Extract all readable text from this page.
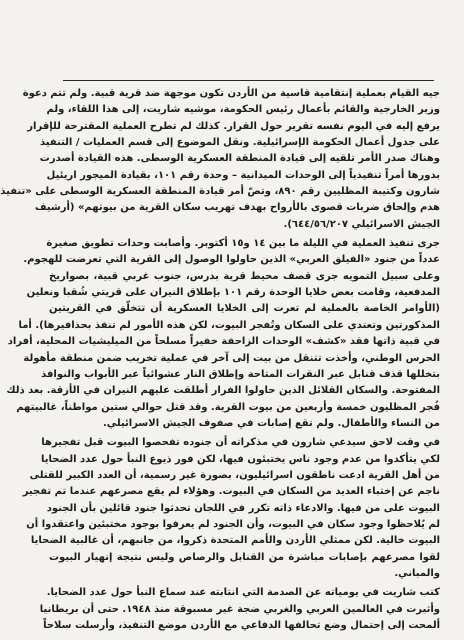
جيه القيام بعملية إنتقامية قاسية من الأردن تكون موجهة ضد قرية قبية. ولم تتم دعوة
وزير الخارجية والقائم بأعمال رئيس الحكومة، موشيه شاريت، إلى هذا اللقاء، ولم
يرفع إليه في اليوم نفسه تقرير حول القرار. كذلك لم تطرح العملية المقترحة للإقرار
على جدول أعمال الحكومة الإسرائيلية. ونقل الموضوع إلى قسم العمليات / التنفيذ
وهناك صدر الأمر تلقيه إلى قيادة المنطقة العسكرية الوسطى. هذه القيادة أصدرت
بدورها أمراً تنفيذياً إلى الوحدات الميدانية – وحدة رقم ١٠١، بقيادة الميجور اريئيل
شارون وكتيبة المظليين رقم ٨٩٠، وتصّ أمر قيادة المنطقة العسكرية الوسطى على «تنفيذ
هدم وإلحاق ضربات قصوى بالأرواح بهدف تهريب سكان القرية من بيوتهم» (أرشيف
الجيش الاسرائيلي ٦٤٤/٥٦/٢٠٧).
جرى تنفيذ العملية في الليلة ما بين ١٤ و١٥ أكتوبر. وأصابت وحدات تطويق صغيرة
عدداً من جنود «الفيلق العربي» الذين حاولوا الوصول إلى القرية التي تعرضت للهجوم.
وعلى سبيل التمويه جرى قصف محيط قرية بدرس، جنوب غربي قبية، بصواريخ
المدفعية، وقامت بعض خلايا الوحدة رقم ١٠١ بإطلاق النيران على قريتي شُقبا ونعلين
(الأوامر الخاصة بالعملية لم تعرت إلى الخلايا العسكرية أن تتخلّق في القريتين
المذكورتين وتعتدي على السكان وتُفجر البيوت، لكن هذه الأمور لم تنفذ بحذافيرها). أما
في قبية ذاتها فقد «كشف» الوحدات الزاحفة خفيراً مسلحاً من الميليشيات المحلية، أفراد
الحرس الوطني، وأخذت تتنقل من بيت إلى آخر في عملية تخريب ضمن منطقة مأهولة
بتخللها قذف قنابل عبر النقرات المتاحة وإطلاق النار عشوائياً عبر الأبواب والنوافذ
المفتوحة. والسكان القلائل الذين حاولوا الفرار أطلقت عليهم النيران في الأزقة. بعد ذلك
فُجر المظليون خمسة وأربعين من بيوت القرية. وقد قتل حوالي ستين مواطناً، غالبيتهم
من النساء والأطفال. ولم تقع إصابات في صفوف الجيش الاسرائيلي.
في وقت لاحق سيدعي شارون في مذكراته أن جنوده تفحصوا البيوت قبل تفجيرها
لكي يتأكدوا من عدم وجود ناس يختبئون فيها، لكن فور ذيوع النبأ حول عدد الضحايا
من أهل القرية ادعت ناطقون اسرائيليون، بصورة غير رسمية، أن العدد الكبير للقتلى
ناجم عن إختباء العديد من السكان في البيوت. وهؤلاء لم يقع مصرعهم عندما تم تفجير
البيوت على من فيها. والادعاء ذاته تكرر في اللجان تحدثوا جنود قائلين بأن الجنود
لم يُلاحظوا وجود سكان في البيوت، وأن الجنود لم يعرفوا بوجود مختبئين واعتقدوا أن
البيوت خالية. لكن ممثلي الأردن والأمم المتحدة ذكروا، من جانبهم، أن غالبية الضحايا
لقوا مصرعهم بإصابات مباشرة من القنابل والرصاص وليس نتيجة إنهيار البيوت
والمباني.
كتب شاريت في يومياته عن الصدمة التي انتابته عند سماع النبأ حول عدد الضحايا.
وأثيرت في العالمين العربي والغربي ضجة غير مسبوقة منذ ١٩٤٨. حتى أن بريطانيا
ألمحت إلى إحتمال وضع تحالفها الدفاعي مع الأردن موضع التنفيذ، وأرسلت سلاحاً
